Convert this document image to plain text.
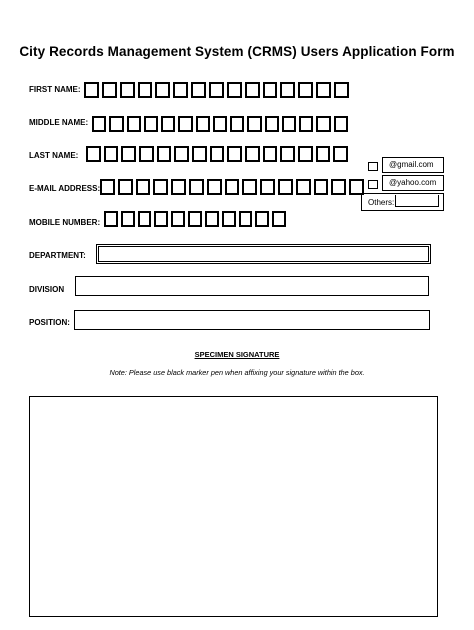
City Records Management System (CRMS) Users Application Form
FIRST NAME:
MIDDLE NAME:
LAST NAME:
@gmail.com
@yahoo.com
Others:
E-MAIL ADDRESS:
MOBILE NUMBER:
DEPARTMENT:
DIVISION
POSITION:
SPECIMEN SIGNATURE
Note: Please use black marker pen when affixing your signature within the box.
